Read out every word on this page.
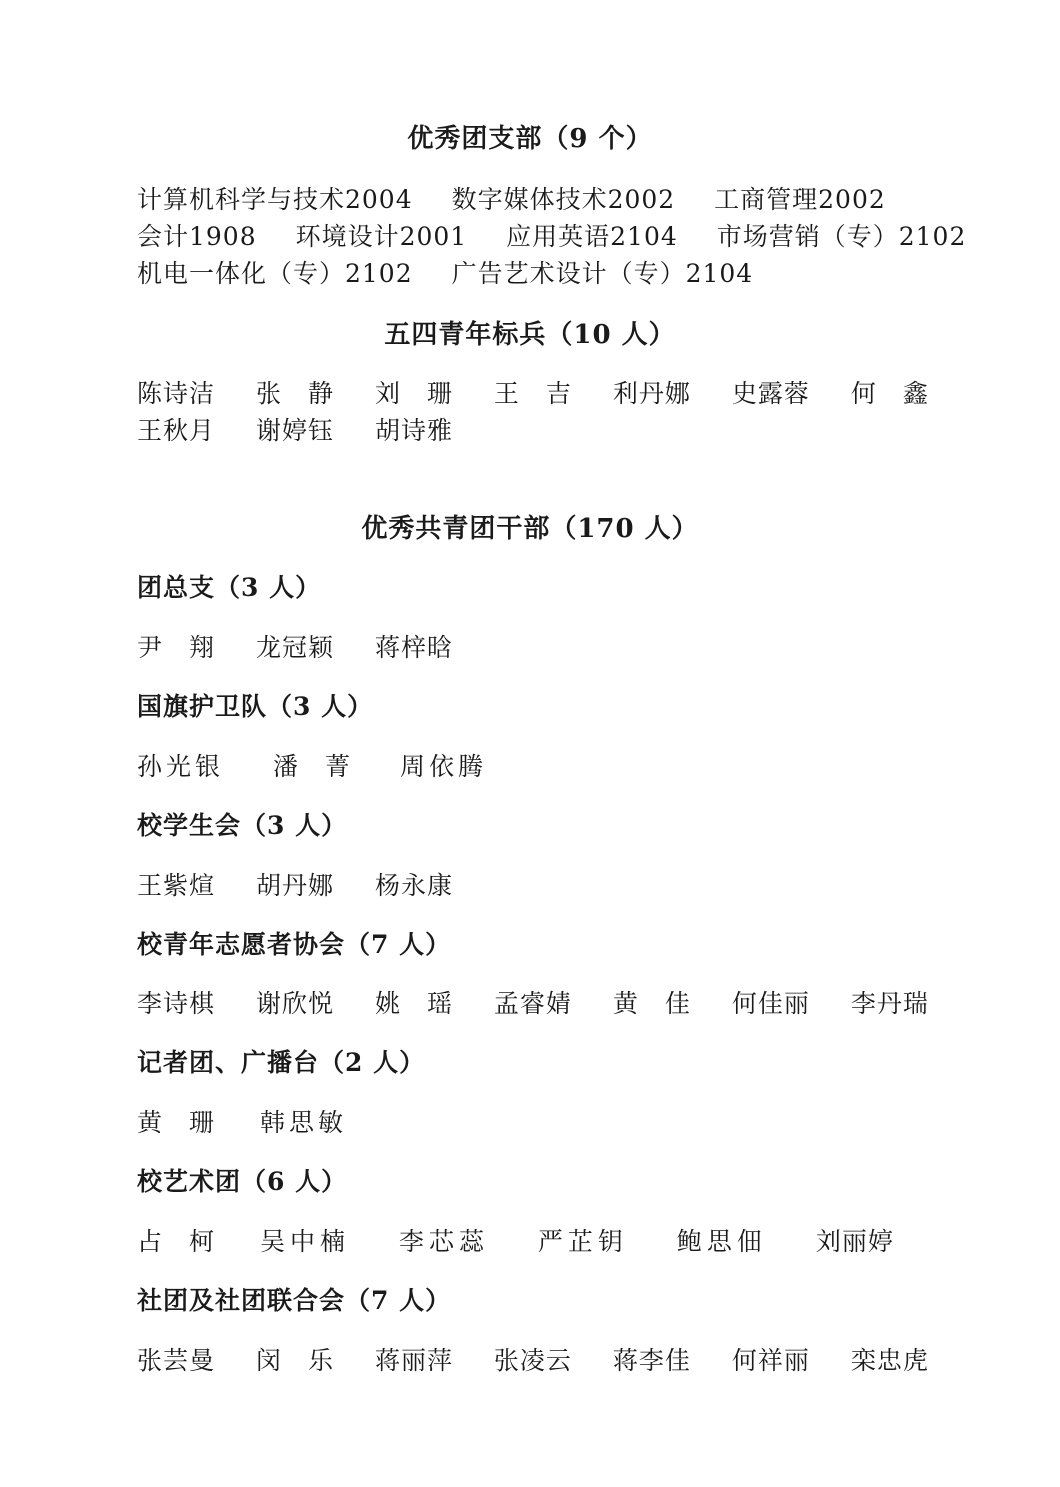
优秀团支部（9 个）
计算机科学与技术2004 数字媒体技术2002 工商管理2002
会计1908 环境设计2001 应用英语2104 市场营销（专）2102
机电一体化（专）2102 广告艺术设计（专）2104
五四青年标兵（10 人）
陈诗洁 张　静 刘　珊 王　吉 利丹娜 史露蓉 何　鑫
王秋月 谢婷钰 胡诗雅
优秀共青团干部（170 人）
团总支（3 人）
尹　翔 龙冠颖 蒋梓晗
国旗护卫队（3 人）
孙光银 潘　菁 周依腾
校学生会（3 人）
王紫煊 胡丹娜 杨永康
校青年志愿者协会（7 人）
李诗棋 谢欣悦 姚　瑶 孟睿婧 黄　佳 何佳丽 李丹瑞
记者团、广播台（2 人）
黄　珊 韩思敏
校艺术团（6 人）
占　柯 吴中楠 李芯蕊 严芷钥 鲍思佃 刘丽婷
社团及社团联合会（7 人）
张芸曼 闵　乐 蒋丽萍 张凌云 蒋李佳 何祥丽 栾忠虎
